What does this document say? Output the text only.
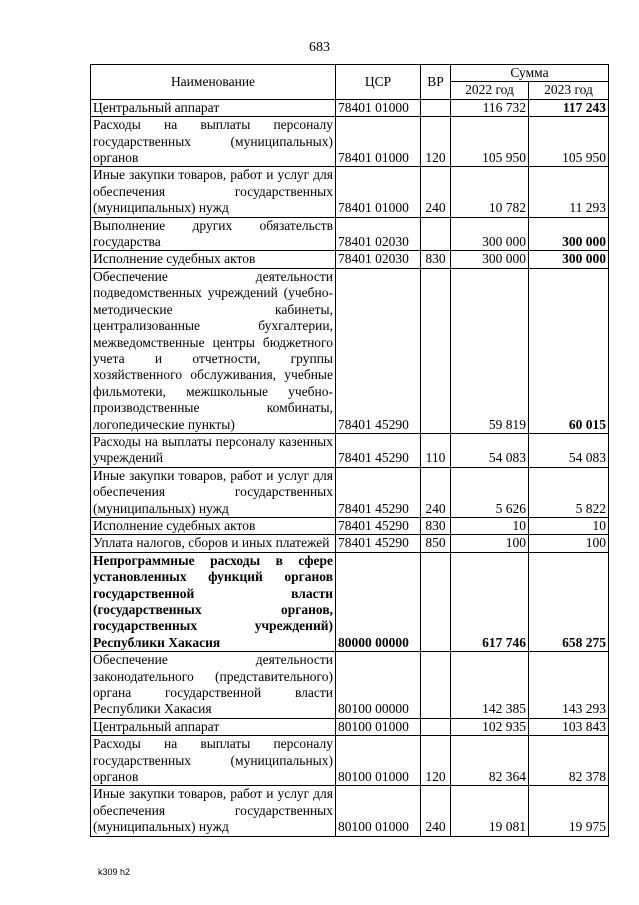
683
Наименование	ЦСР	ВР	Сумма	
			2022 год	2023 год
Центральный аппарат	78401 01000		116 732	117 243
Расходы на выплаты персоналу государственных (муниципальных) органов	78401 01000	120	105 950	105 950
Иные закупки товаров, работ и услуг для обеспечения государственных (муниципальных) нужд	78401 01000	240	10 782	11 293
Выполнение других обязательств государства	78401 02030		300 000	300 000
Исполнение судебных актов	78401 02030	830	300 000	300 000
Обеспечение деятельности подведомственных учреждений (учебно-методические кабинеты, централизованные бухгалтерии, межведомственные центры бюджетного учета и отчетности, группы хозяйственного обслуживания, учебные фильмотеки, межшкольные учебно-производственные комбинаты, логопедические пункты)	78401 45290		59 819	60 015
Расходы на выплаты персоналу казенных учреждений	78401 45290	110	54 083	54 083
Иные закупки товаров, работ и услуг для обеспечения государственных (муниципальных) нужд	78401 45290	240	5 626	5 822
Исполнение судебных актов	78401 45290	830	10	10
Уплата налогов, сборов и иных платежей	78401 45290	850	100	100
Непрограммные расходы в сфере установленных функций органов государственной власти (государственных органов, государственных учреждений) Республики Хакасия	80000 00000		617 746	658 275
Обеспечение деятельности законодательного (представительного) органа государственной власти Республики Хакасия	80100 00000		142 385	143 293
Центральный аппарат	80100 01000		102 935	103 843
Расходы на выплаты персоналу государственных (муниципальных) органов	80100 01000	120	82 364	82 378
Иные закупки товаров, работ и услуг для обеспечения государственных (муниципальных) нужд	80100 01000	240	19 081	19 975
k309 h2
